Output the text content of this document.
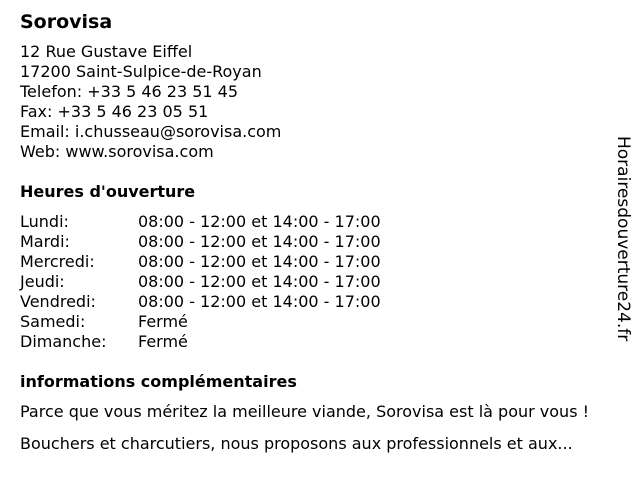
Sorovisa
12 Rue Gustave Eiffel
17200 Saint-Sulpice-de-Royan
Telefon: +33 5 46 23 51 45
Fax: +33 5 46 23 05 51
Email: i.chusseau@sorovisa.com
Web: www.sorovisa.com
Heures d'ouverture
Lundi:	08:00 - 12:00 et 14:00 - 17:00
Mardi:	08:00 - 12:00 et 14:00 - 17:00
Mercredi:	08:00 - 12:00 et 14:00 - 17:00
Jeudi:	08:00 - 12:00 et 14:00 - 17:00
Vendredi:	08:00 - 12:00 et 14:00 - 17:00
Samedi:	Fermé
Dimanche:	Fermé
informations complémentaires
Parce que vous méritez la meilleure viande, Sorovisa est là pour vous !
Bouchers et charcutiers, nous proposons aux professionnels et aux...
Horairesdouverture24.fr
